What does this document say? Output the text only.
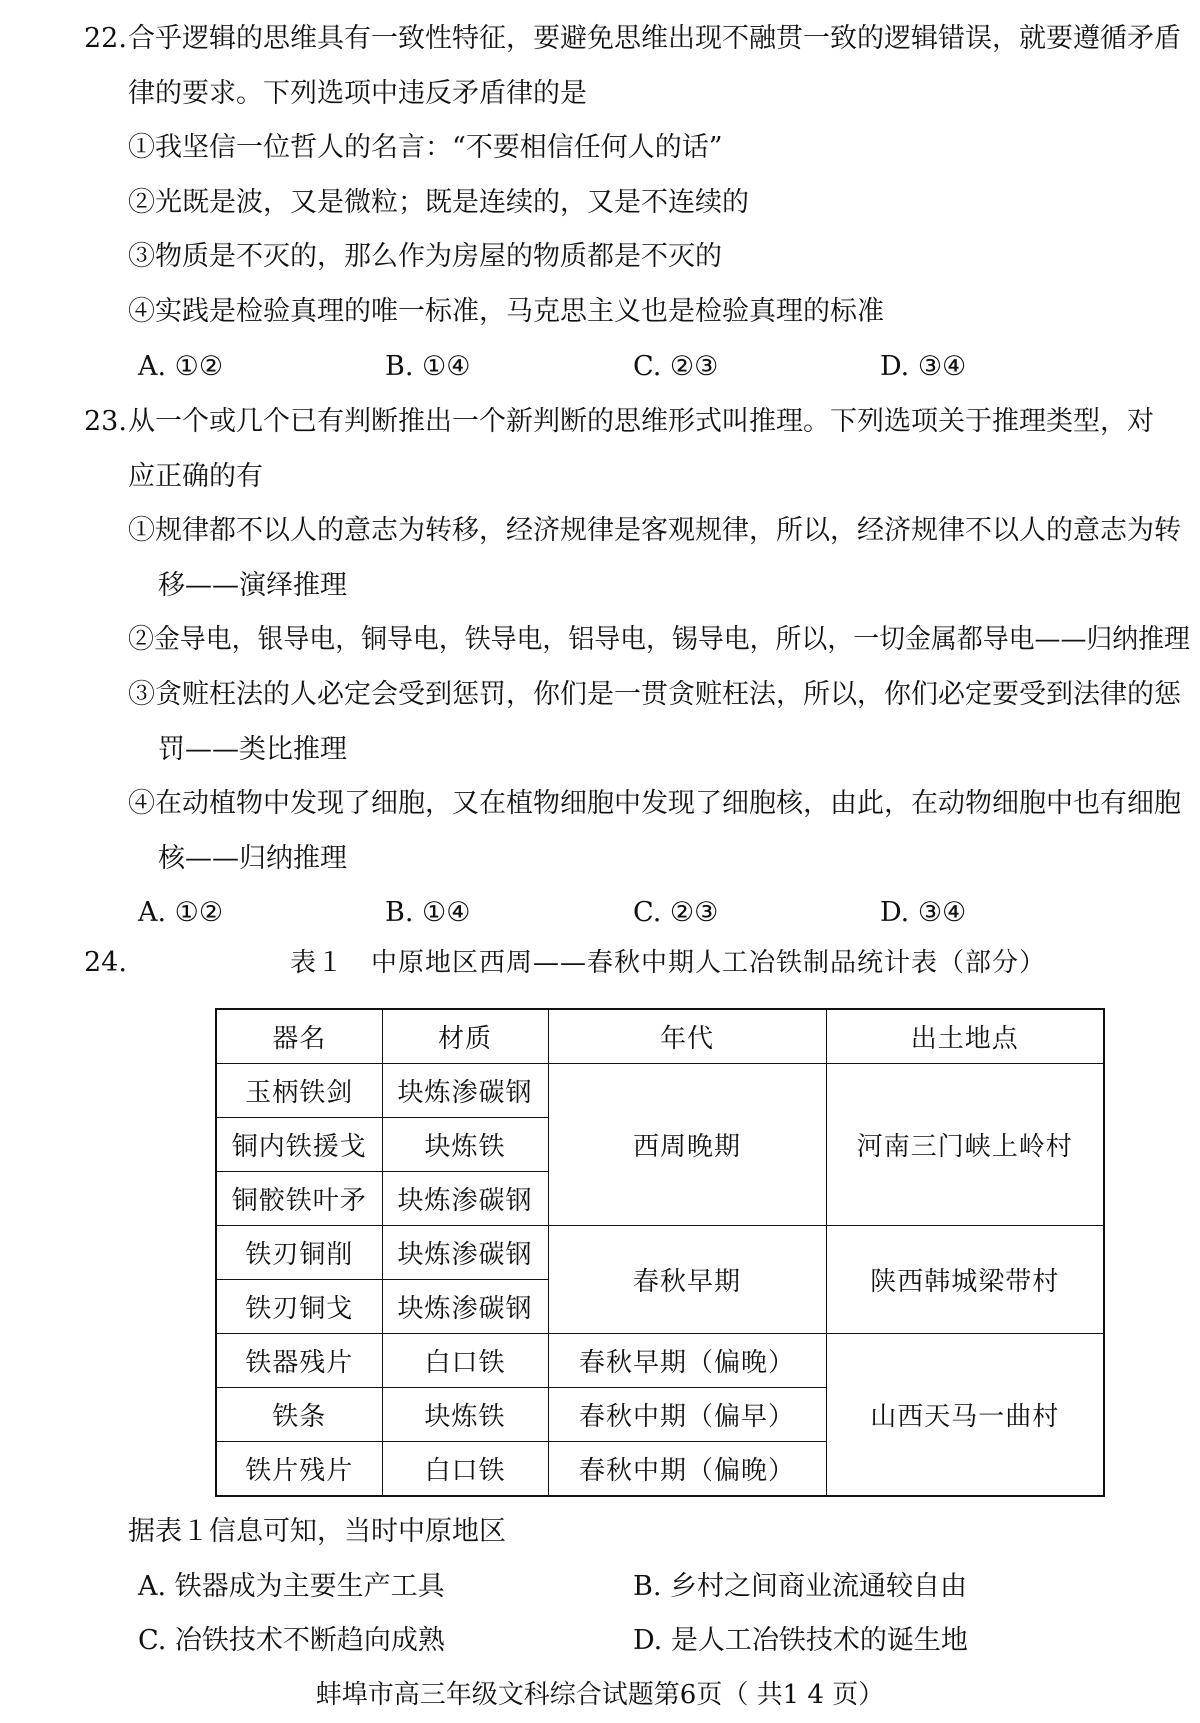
22. 合乎逻辑的思维具有一致性特征，要避免思维出现不融贯一致的逻辑错误，就要遵循矛盾
律的要求。下列选项中违反矛盾律的是
①我坚信一位哲人的名言：“不要相信任何人的话”
②光既是波，又是微粒；既是连续的，又是不连续的
③物质是不灭的，那么作为房屋的物质都是不灭的
④实践是检验真理的唯一标准，马克思主义也是检验真理的标准
A. ①②	B. ①④	C. ②③	D. ③④
23. 从一个或几个已有判断推出一个新判断的思维形式叫推理。下列选项关于推理类型，对
应正确的有
①规律都不以人的意志为转移，经济规律是客观规律，所以，经济规律不以人的意志为转
移——演绎推理
②金导电，银导电，铜导电，铁导电，铝导电，锡导电，所以，一切金属都导电——归纳推理
③贪赃枉法的人必定会受到惩罚，你们是一贯贪赃枉法，所以，你们必定要受到法律的惩
罚——类比推理
④在动植物中发现了细胞，又在植物细胞中发现了细胞核，由此，在动物细胞中也有细胞
核——归纳推理
A. ①②	B. ①④	C. ②③	D. ③④
24.	表１　中原地区西周——春秋中期人工冶铁制品统计表（部分）
器名	材质	年代	出土地点
玉柄铁剑	块炼渗碳钢	西周晚期	河南三门峡上岭村
铜内铁援戈	块炼铁		
铜骹铁叶矛	块炼渗碳钢		
铁刃铜削	块炼渗碳钢	春秋早期	陕西韩城梁带村
铁刃铜戈	块炼渗碳钢		
铁器残片	白口铁	春秋早期（偏晚）	山西天马一曲村
铁条	块炼铁	春秋中期（偏早）	
铁片残片	白口铁	春秋中期（偏晚）	
据表１信息可知，当时中原地区
A. 铁器成为主要生产工具	B. 乡村之间商业流通较自由
C. 冶铁技术不断趋向成熟	D. 是人工冶铁技术的诞生地
蚌埠市高三年级文科综合试题第6页（ 共1 4 页）
